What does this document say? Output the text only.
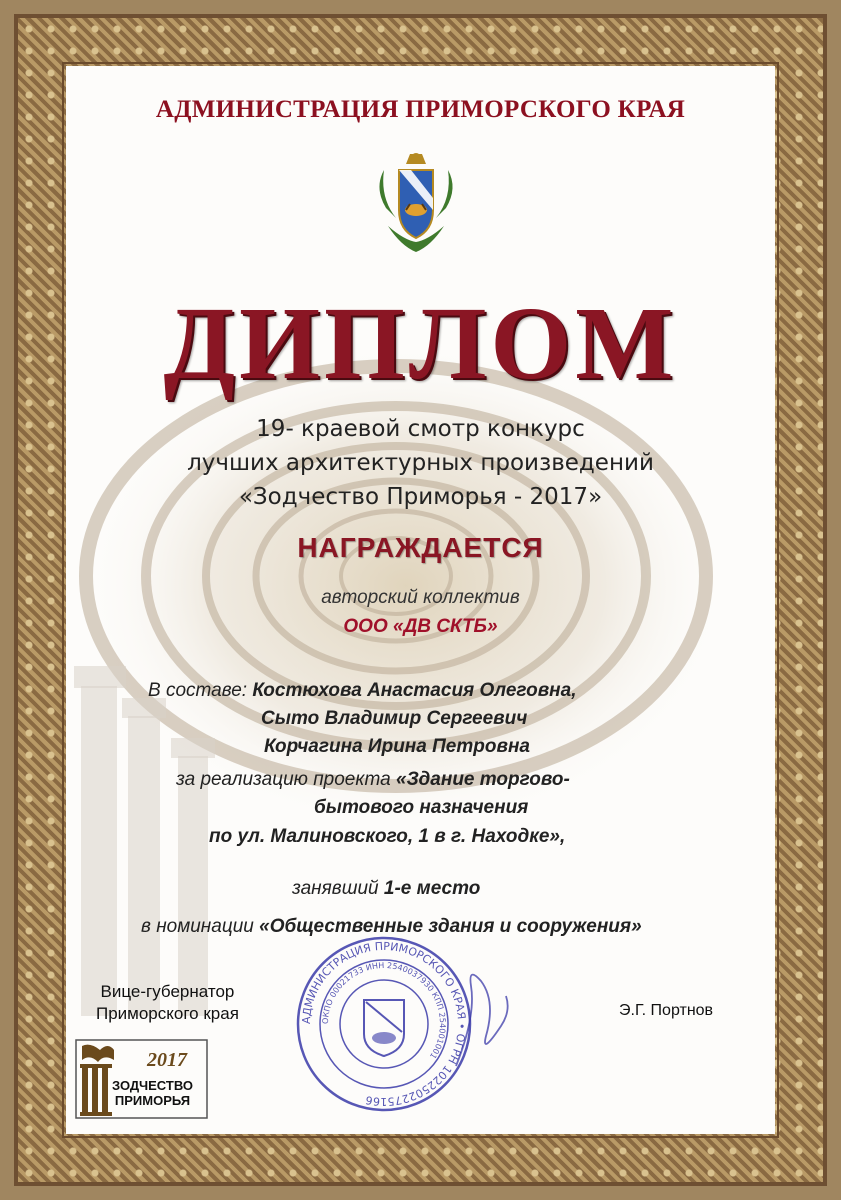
АДМИНИСТРАЦИЯ ПРИМОРСКОГО КРАЯ
ДИПЛОМ
19- краевой смотр конкурс
лучших архитектурных произведений
«Зодчество Приморья - 2017»
НАГРАЖДАЕТСЯ
авторский коллектив
ООО «ДВ СКТБ»
В составе: Костюхова Анастасия Олеговна,
Сыто Владимир Сергеевич
Корчагина Ирина Петровна
за реализацию проекта «Здание торгово-
бытового назначения
по ул. Малиновского, 1 в г. Находке»,
занявший 1-е место
в номинации «Общественные здания и сооружения»
АДМИНИСТРАЦИЯ ПРИМОРСКОГО КРАЯ • ОГРН 1022502275166
ОКПО 00021733 ИНН 2540037930 КПП 254001001
Вице-губернатор
Приморского края	Э.Г. Портнов
2017
ЗОДЧЕСТВО
ПРИМОРЬЯ
